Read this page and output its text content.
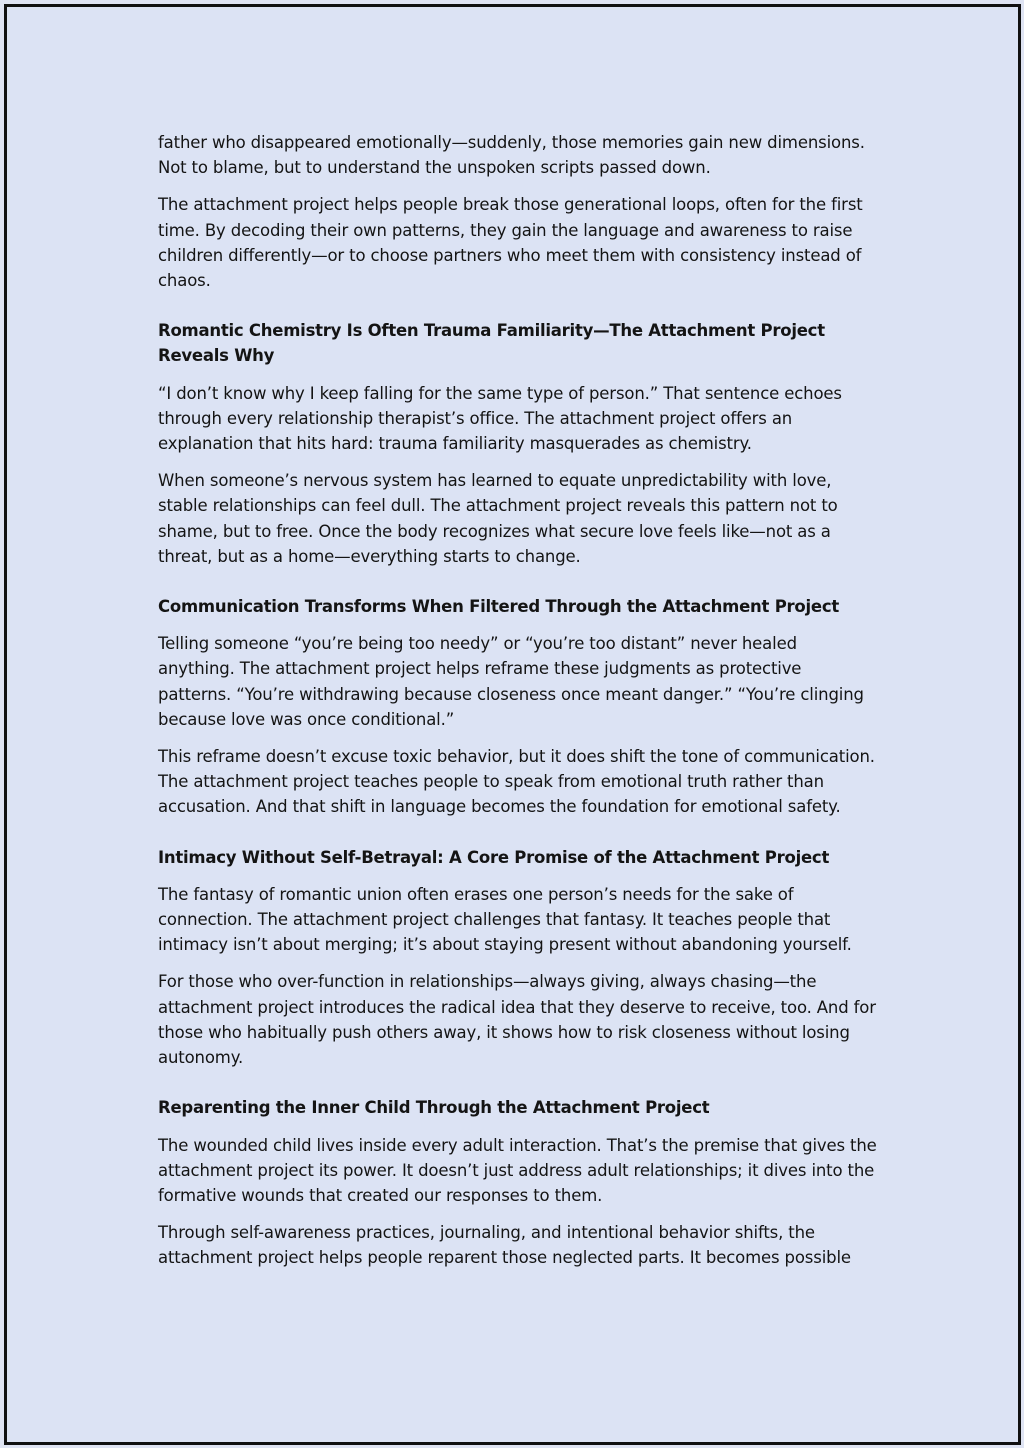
father who disappeared emotionally—suddenly, those memories gain new dimensions. Not to blame, but to understand the unspoken scripts passed down.

The attachment project helps people break those generational loops, often for the first time. By decoding their own patterns, they gain the language and awareness to raise children differently—or to choose partners who meet them with consistency instead of chaos.

Romantic Chemistry Is Often Trauma Familiarity—The Attachment Project Reveals Why

“I don’t know why I keep falling for the same type of person.” That sentence echoes through every relationship therapist’s office. The attachment project offers an explanation that hits hard: trauma familiarity masquerades as chemistry.

When someone’s nervous system has learned to equate unpredictability with love, stable relationships can feel dull. The attachment project reveals this pattern not to shame, but to free. Once the body recognizes what secure love feels like—not as a threat, but as a home—everything starts to change.

Communication Transforms When Filtered Through the Attachment Project

Telling someone “you’re being too needy” or “you’re too distant” never healed anything. The attachment project helps reframe these judgments as protective patterns. “You’re withdrawing because closeness once meant danger.” “You’re clinging because love was once conditional.”

This reframe doesn’t excuse toxic behavior, but it does shift the tone of communication. The attachment project teaches people to speak from emotional truth rather than accusation. And that shift in language becomes the foundation for emotional safety.

Intimacy Without Self-Betrayal: A Core Promise of the Attachment Project

The fantasy of romantic union often erases one person’s needs for the sake of connection. The attachment project challenges that fantasy. It teaches people that intimacy isn’t about merging; it’s about staying present without abandoning yourself.

For those who over-function in relationships—always giving, always chasing—the attachment project introduces the radical idea that they deserve to receive, too. And for those who habitually push others away, it shows how to risk closeness without losing autonomy.

Reparenting the Inner Child Through the Attachment Project

The wounded child lives inside every adult interaction. That’s the premise that gives the attachment project its power. It doesn’t just address adult relationships; it dives into the formative wounds that created our responses to them.

Through self-awareness practices, journaling, and intentional behavior shifts, the attachment project helps people reparent those neglected parts. It becomes possible
